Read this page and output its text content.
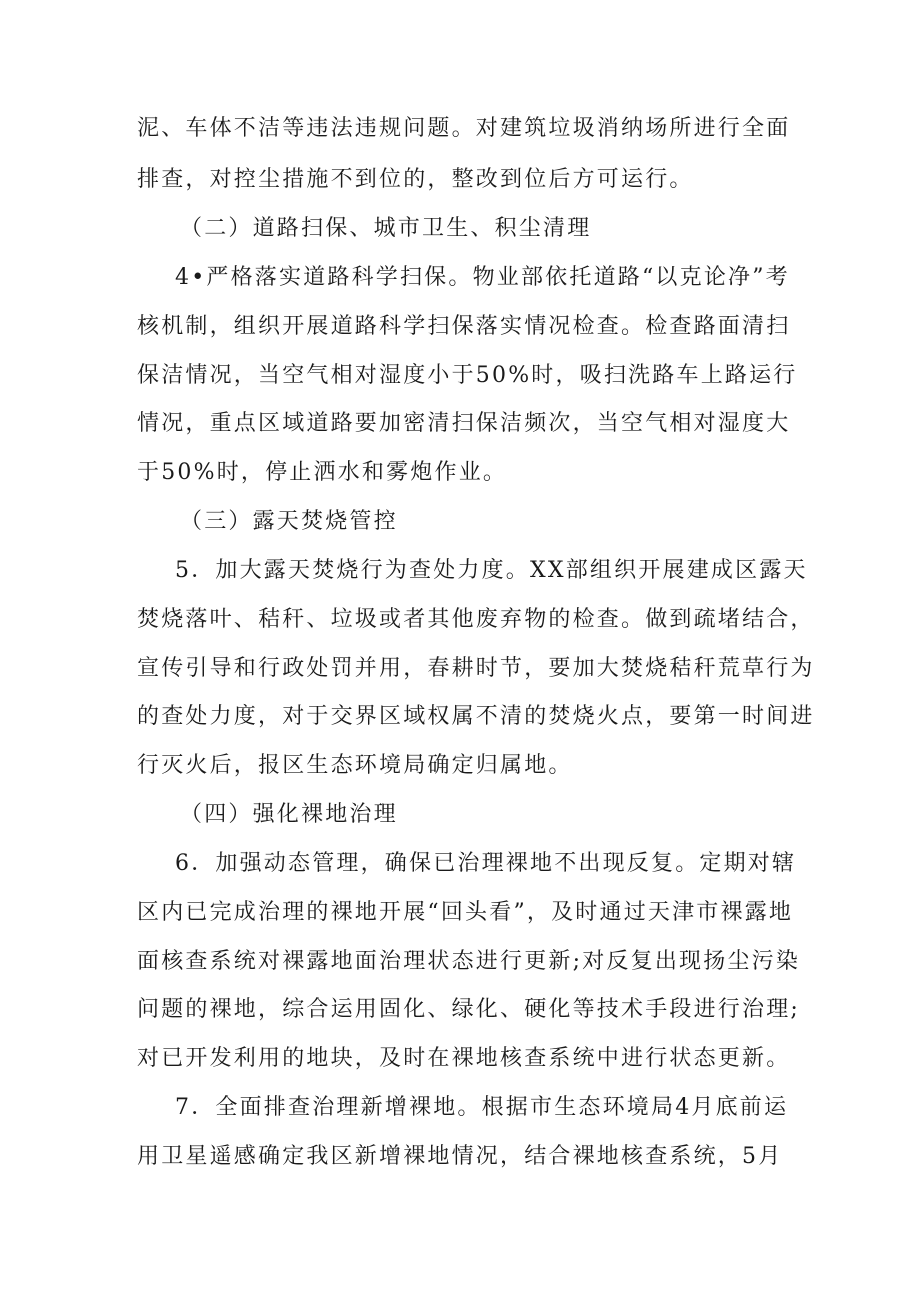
泥、车体不洁等违法违规问题。对建筑垃圾消纳场所进行全面
排查，对控尘措施不到位的，整改到位后方可运行。
（二）道路扫保、城市卫生、积尘清理
4•严格落实道路科学扫保。物业部依托道路“以克论净”考
核机制，组织开展道路科学扫保落实情况检查。检查路面清扫
保洁情况，当空气相对湿度小于50%时，吸扫洗路车上路运行
情况，重点区域道路要加密清扫保洁频次，当空气相对湿度大
于50%时，停止洒水和雾炮作业。
（三）露天焚烧管控
5．加大露天焚烧行为查处力度。XX部组织开展建成区露天
焚烧落叶、秸秆、垃圾或者其他废弃物的检查。做到疏堵结合，
宣传引导和行政处罚并用，春耕时节，要加大焚烧秸秆荒草行为
的查处力度，对于交界区域权属不清的焚烧火点，要第一时间进
行灭火后，报区生态环境局确定归属地。
（四）强化裸地治理
6．加强动态管理，确保已治理裸地不出现反复。定期对辖
区内已完成治理的裸地开展“回头看”，及时通过天津市裸露地
面核查系统对裸露地面治理状态进行更新;对反复出现扬尘污染
问题的裸地，综合运用固化、绿化、硬化等技术手段进行治理;
对已开发利用的地块，及时在裸地核查系统中进行状态更新。
7．全面排查治理新增裸地。根据市生态环境局4月底前运
用卫星遥感确定我区新增裸地情况，结合裸地核查系统，5月
